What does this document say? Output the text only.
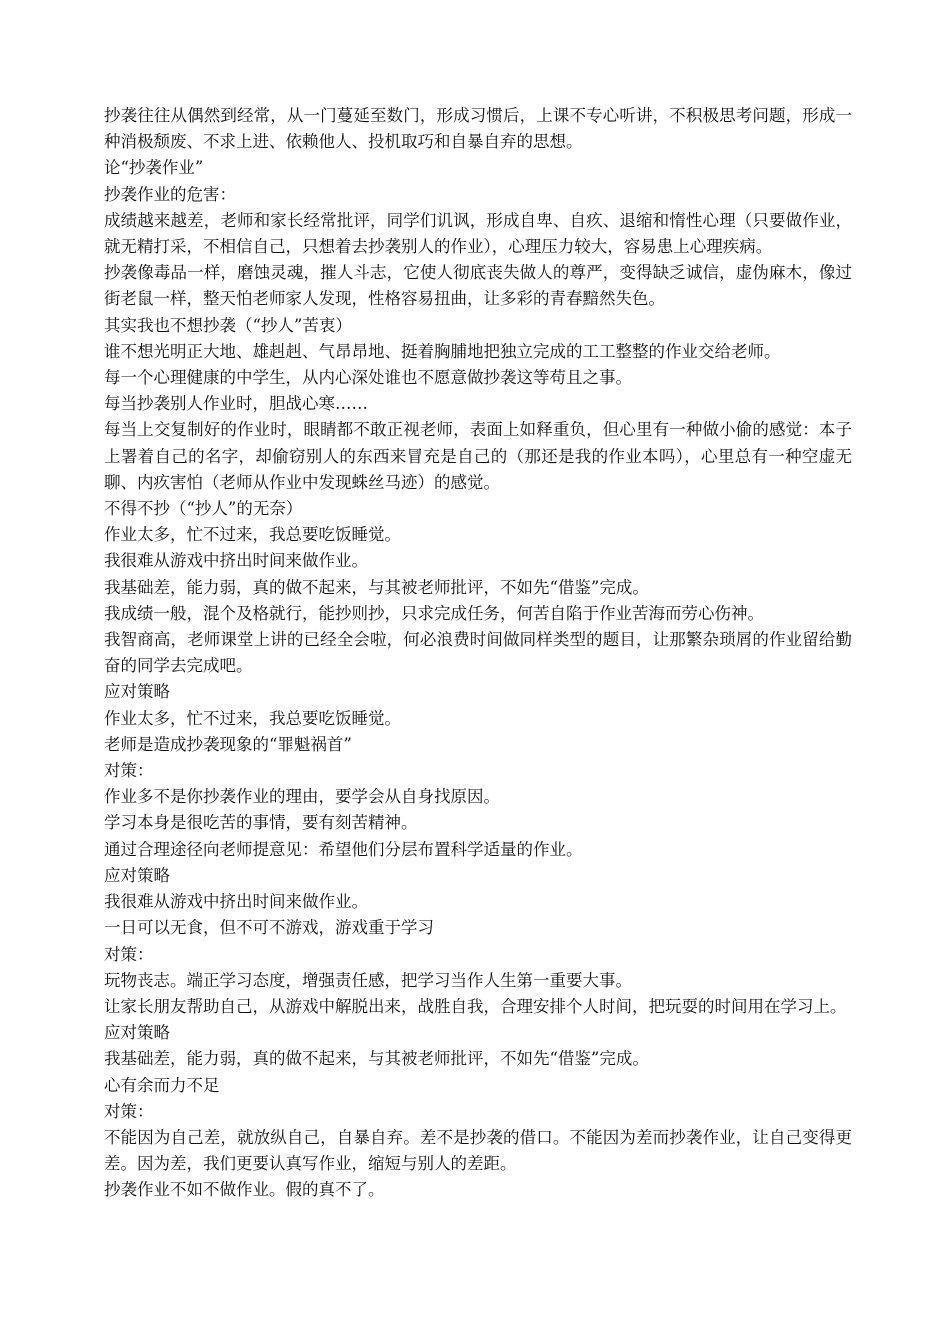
抄袭往往从偶然到经常，从一门蔓延至数门，形成习惯后，上课不专心听讲，不积极思考问题，形成一种消极颓废、不求上进、依赖他人、投机取巧和自暴自弃的思想。

论“抄袭作业”

抄袭作业的危害：

成绩越来越差，老师和家长经常批评，同学们讥讽，形成自卑、自疚、退缩和惰性心理（只要做作业，就无精打采，不相信自己，只想着去抄袭别人的作业），心理压力较大，容易患上心理疾病。

抄袭像毒品一样，磨蚀灵魂，摧人斗志，它使人彻底丧失做人的尊严，变得缺乏诚信，虚伪麻木，像过街老鼠一样，整天怕老师家人发现，性格容易扭曲，让多彩的青春黯然失色。

其实我也不想抄袭（“抄人”苦衷）

谁不想光明正大地、雄赳赳、气昂昂地、挺着胸脯地把独立完成的工工整整的作业交给老师。

每一个心理健康的中学生，从内心深处谁也不愿意做抄袭这等苟且之事。

每当抄袭别人作业时，胆战心寒……

每当上交复制好的作业时，眼睛都不敢正视老师，表面上如释重负，但心里有一种做小偷的感觉：本子上署着自己的名字，却偷窃别人的东西来冒充是自己的（那还是我的作业本吗），心里总有一种空虚无聊、内疚害怕（老师从作业中发现蛛丝马迹）的感觉。

不得不抄（“抄人”的无奈）

作业太多，忙不过来，我总要吃饭睡觉。

我很难从游戏中挤出时间来做作业。

我基础差，能力弱，真的做不起来，与其被老师批评，不如先“借鉴”完成。

我成绩一般，混个及格就行，能抄则抄，只求完成任务，何苦自陷于作业苦海而劳心伤神。

我智商高，老师课堂上讲的已经全会啦，何必浪费时间做同样类型的题目，让那繁杂琐屑的作业留给勤奋的同学去完成吧。

应对策略

作业太多，忙不过来，我总要吃饭睡觉。

老师是造成抄袭现象的“罪魁祸首”

对策：

作业多不是你抄袭作业的理由，要学会从自身找原因。

学习本身是很吃苦的事情，要有刻苦精神。

通过合理途径向老师提意见：希望他们分层布置科学适量的作业。

应对策略

我很难从游戏中挤出时间来做作业。

一日可以无食，但不可不游戏，游戏重于学习

对策：

玩物丧志。端正学习态度，增强责任感，把学习当作人生第一重要大事。

让家长朋友帮助自己，从游戏中解脱出来，战胜自我，合理安排个人时间，把玩耍的时间用在学习上。

应对策略

我基础差，能力弱，真的做不起来，与其被老师批评，不如先“借鉴”完成。

心有余而力不足

对策：

不能因为自己差，就放纵自己，自暴自弃。差不是抄袭的借口。不能因为差而抄袭作业，让自己变得更差。因为差，我们更要认真写作业，缩短与别人的差距。

抄袭作业不如不做作业。假的真不了。
